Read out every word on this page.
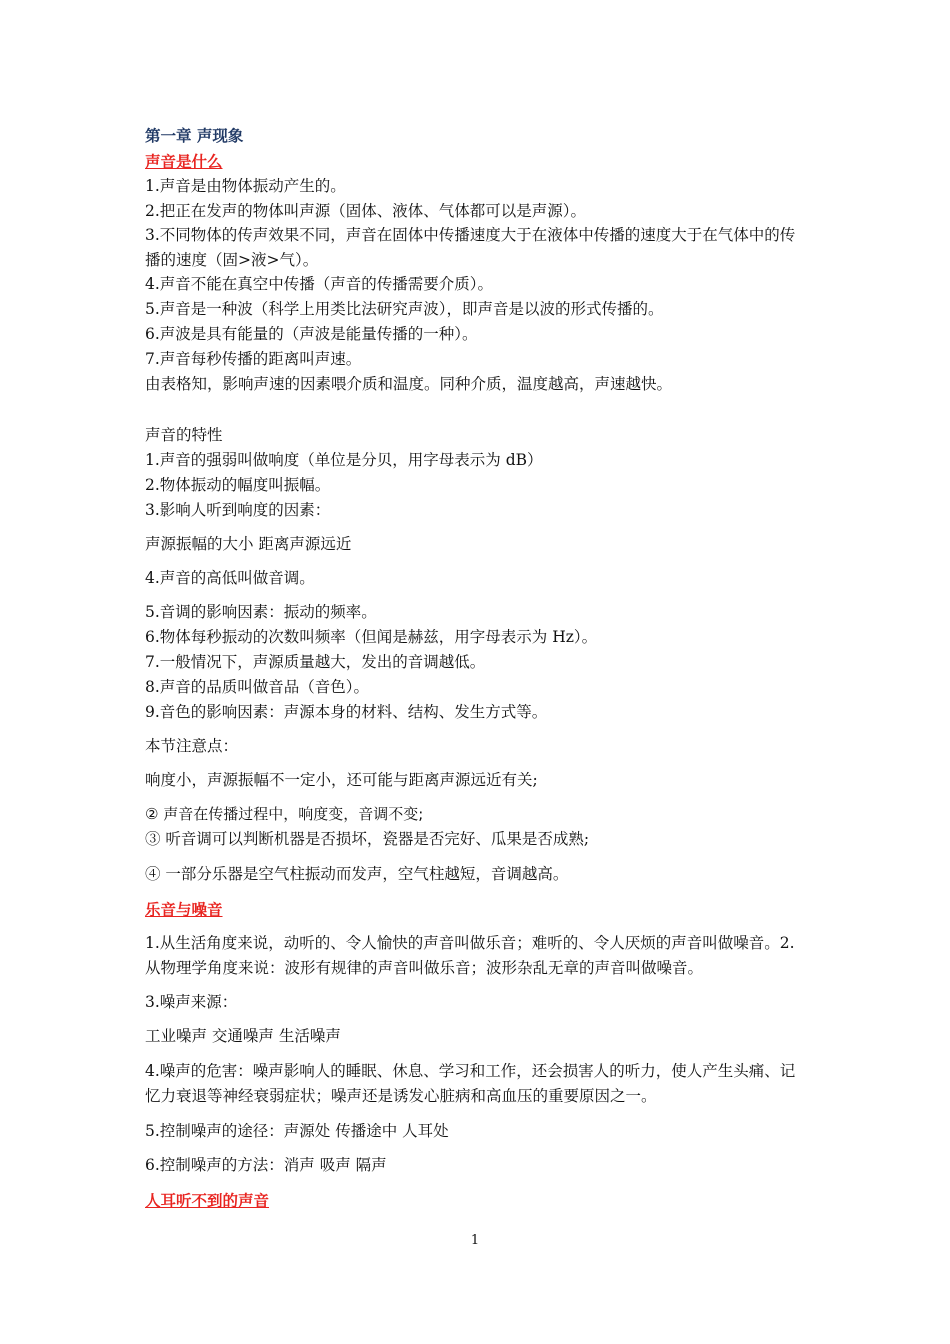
第一章 声现象
声音是什么
1.声音是由物体振动产生的。
2.把正在发声的物体叫声源（固体、液体、气体都可以是声源）。
3.不同物体的传声效果不同，声音在固体中传播速度大于在液体中传播的速度大于在气体中的传播的速度（固>液>气）。
4.声音不能在真空中传播（声音的传播需要介质）。
5.声音是一种波（科学上用类比法研究声波），即声音是以波的形式传播的。
6.声波是具有能量的（声波是能量传播的一种）。
7.声音每秒传播的距离叫声速。
由表格知，影响声速的因素喂介质和温度。同种介质，温度越高，声速越快。
声音的特性
1.声音的强弱叫做响度（单位是分贝，用字母表示为 dB）
2.物体振动的幅度叫振幅。
3.影响人听到响度的因素：
声源振幅的大小 距离声源远近
4.声音的高低叫做音调。
5.音调的影响因素：振动的频率。
6.物体每秒振动的次数叫频率（但闻是赫兹，用字母表示为 Hz）。
7.一般情况下，声源质量越大，发出的音调越低。
8.声音的品质叫做音品（音色）。
9.音色的影响因素：声源本身的材料、结构、发生方式等。
本节注意点：
响度小，声源振幅不一定小，还可能与距离声源远近有关;
② 声音在传播过程中，响度变，音调不变;
③ 听音调可以判断机器是否损坏，瓷器是否完好、瓜果是否成熟;
④ 一部分乐器是空气柱振动而发声，空气柱越短，音调越高。
乐音与噪音
1.从生活角度来说，动听的、令人愉快的声音叫做乐音；难听的、令人厌烦的声音叫做噪音。2.从物理学角度来说：波形有规律的声音叫做乐音；波形杂乱无章的声音叫做噪音。
3.噪声来源：
工业噪声 交通噪声 生活噪声
4.噪声的危害：噪声影响人的睡眠、休息、学习和工作，还会损害人的听力，使人产生头痛、记忆力衰退等神经衰弱症状；噪声还是诱发心脏病和高血压的重要原因之一。
5.控制噪声的途径：声源处 传播途中 人耳处
6.控制噪声的方法：消声 吸声 隔声
人耳听不到的声音
1
